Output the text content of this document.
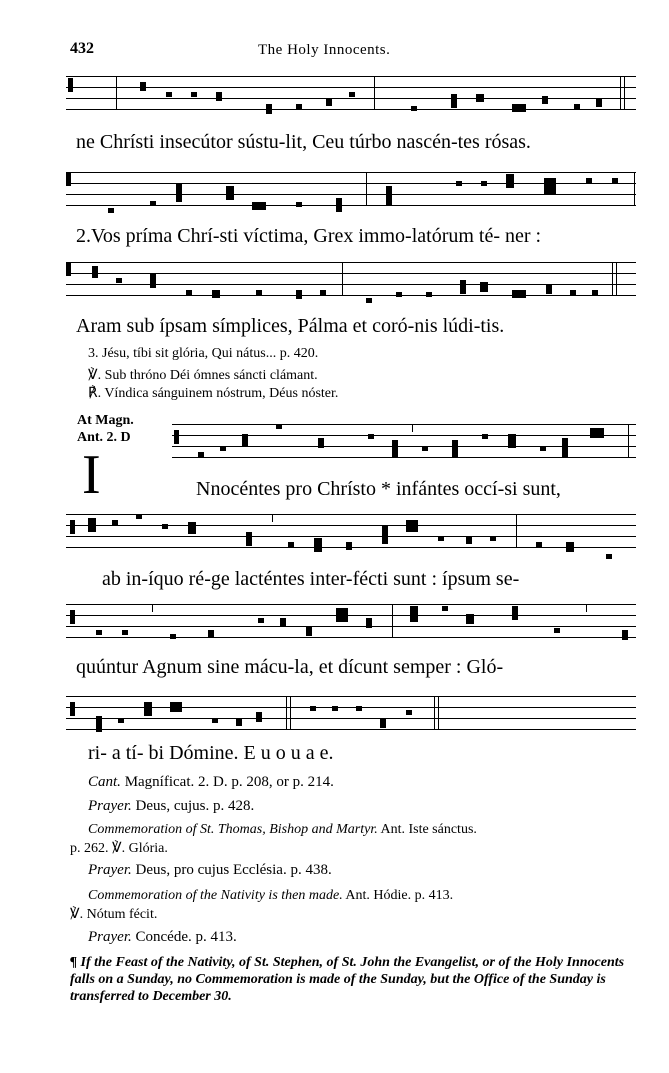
432	The Holy Innocents.
ne Chrísti insecútor sústu-lit, Ceu túrbo nascén-tes rósas.
2.Vos príma Chrí-sti víctima, Grex immo-latórum té- ner :
Aram sub ípsam símplices, Pálma et coró-nis lúdi-tis.
3. Jésu, tíbi sit glória, Qui nátus... p. 420.
℣. Sub thróno Déi ómnes sáncti clámant.
℟. Víndica sánguinem nóstrum, Déus nóster.
At Magn.
Ant. 2. D
I	Nnocéntes pro Chrísto * infántes occí-si sunt,
ab in-íquo ré-ge lacténtes inter-fécti sunt : ípsum se-
quúntur Agnum sine mácu-la, et dícunt semper : Gló-
ri- a tí- bi Dómine. E u o u a e.
Cant. Magníficat. 2. D. p. 208, or p. 214.
Prayer. Deus, cujus. p. 428.
Commemoration of St. Thomas, Bishop and Martyr. Ant. Iste sánctus.
p. 262. ℣. Glória.
Prayer. Deus, pro cujus Ecclésia. p. 438.
Commemoration of the Nativity is then made. Ant. Hódie. p. 413.
℣. Nótum fécit.
Prayer. Concéde. p. 413.
¶ If the Feast of the Nativity, of St. Stephen, of St. John the Evangelist, or of the Holy Innocents falls on a Sunday, no Commemoration is made of the Sunday, but the Office of the Sunday is transferred to December 30.
